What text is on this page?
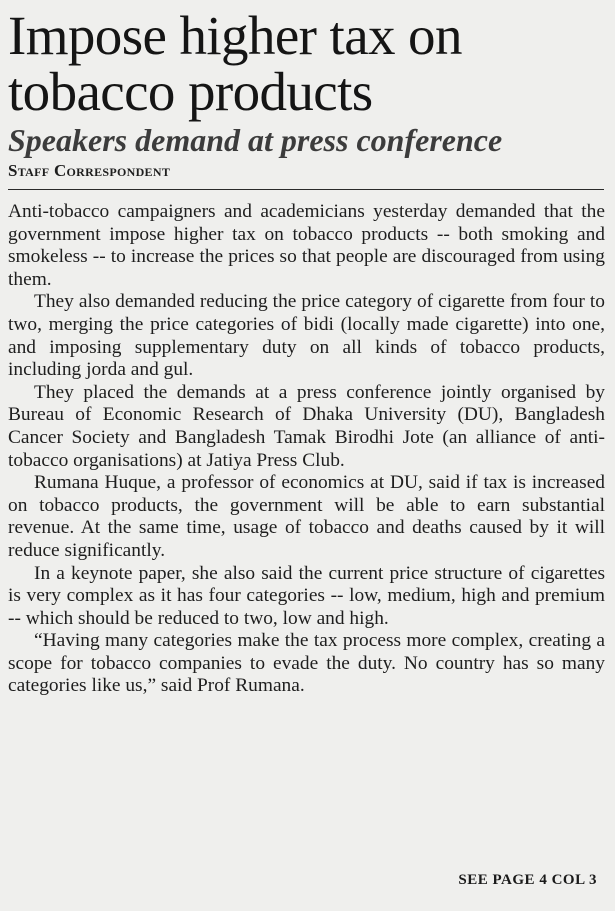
Impose higher tax on tobacco products
Speakers demand at press conference
Staff Correspondent

Anti-tobacco campaigners and academicians yesterday demanded that the government impose higher tax on tobacco products -- both smoking and smokeless -- to increase the prices so that people are discouraged from using them.

They also demanded reducing the price category of cigarette from four to two, merging the price categories of bidi (locally made cigarette) into one, and imposing supplementary duty on all kinds of tobacco products, including jorda and gul.

They placed the demands at a press conference jointly organised by Bureau of Economic Research of Dhaka University (DU), Bangladesh Cancer Society and Bangladesh Tamak Birodhi Jote (an alliance of anti-tobacco organisations) at Jatiya Press Club.

Rumana Huque, a professor of economics at DU, said if tax is increased on tobacco products, the government will be able to earn substantial revenue. At the same time, usage of tobacco and deaths caused by it will reduce significantly.

In a keynote paper, she also said the current price structure of cigarettes is very complex as it has four categories -- low, medium, high and premium -- which should be reduced to two, low and high.

“Having many categories make the tax process more complex, creating a scope for tobacco companies to evade the duty. No country has so many categories like us,” said Prof Rumana.

SEE PAGE 4 COL 3
